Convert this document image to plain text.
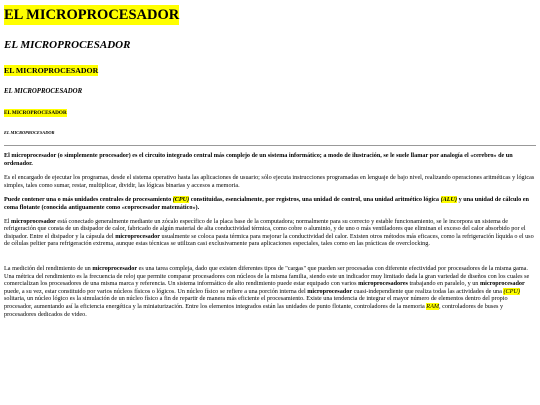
EL MICROPROCESADOR
EL MICROPROCESADOR
EL MICROPROCESADOR
EL MICROPROCESADOR
EL MICROPROCESADOR
EL MICROPROCESADOR

El microprocesador (o simplemente procesador) es el circuito integrado central más complejo de un sistema informático; a modo de ilustración, se le suele llamar por analogía el «cerebro» de un ordenador.

Es el encargado de ejecutar los programas, desde el sistema operativo hasta las aplicaciones de usuario; sólo ejecuta instrucciones programadas en lenguaje de bajo nivel, realizando operaciones aritméticas y lógicas simples, tales como sumar, restar, multiplicar, dividir, las lógicas binarias y accesos a memoria.

Puede contener una o más unidades centrales de procesamiento (CPU) constituidas, esencialmente, por registros, una unidad de control, una unidad aritmético lógica (ALU) y una unidad de cálculo en coma flotante (conocida antiguamente como «coprocesador matemático»).

El microprocesador está conectado generalmente mediante un zócalo específico de la placa base de la computadora; normalmente para su correcto y estable funcionamiento, se le incorpora un sistema de refrigeración que consta de un disipador de calor, fabricado de algún material de alta conductividad térmica, como cobre o aluminio, y de uno o más ventiladores que eliminan el exceso del calor absorbido por el disipador. Entre el disipador y la cápsula del microprocesador usualmente se coloca pasta térmica para mejorar la conductividad del calor. Existen otros métodos más eficaces, como la refrigeración líquida o el uso de células peltier para refrigeración extrema, aunque estas técnicas se utilizan casi exclusivamente para aplicaciones especiales, tales como en las prácticas de overclocking.

La medición del rendimiento de un microprocesador es una tarea compleja, dado que existen diferentes tipos de "cargas" que pueden ser procesadas con diferente efectividad por procesadores de la misma gama. Una métrica del rendimiento es la frecuencia de reloj que permite comparar procesadores con núcleos de la misma familia, siendo este un indicador muy limitado dada la gran variedad de diseños con los cuales se comercializan los procesadores de una misma marca y referencia. Un sistema informático de alto rendimiento puede estar equipado con varios microprocesadores trabajando en paralelo, y un microprocesador puede, a su vez, estar constituido por varios núcleos físicos o lógicos. Un núcleo físico se refiere a una porción interna del microprocesador cuasi-independiente que realiza todas las actividades de una (CPU) solitaria, un núcleo lógico es la simulación de un núcleo físico a fin de repartir de manera más eficiente el procesamiento. Existe una tendencia de integrar el mayor número de elementos dentro del propio procesador, aumentando así la eficiencia energética y la miniaturización. Entre los elementos integrados están las unidades de punto flotante, controladores de la memoria RAM, controladores de buses y procesadores dedicados de video.
